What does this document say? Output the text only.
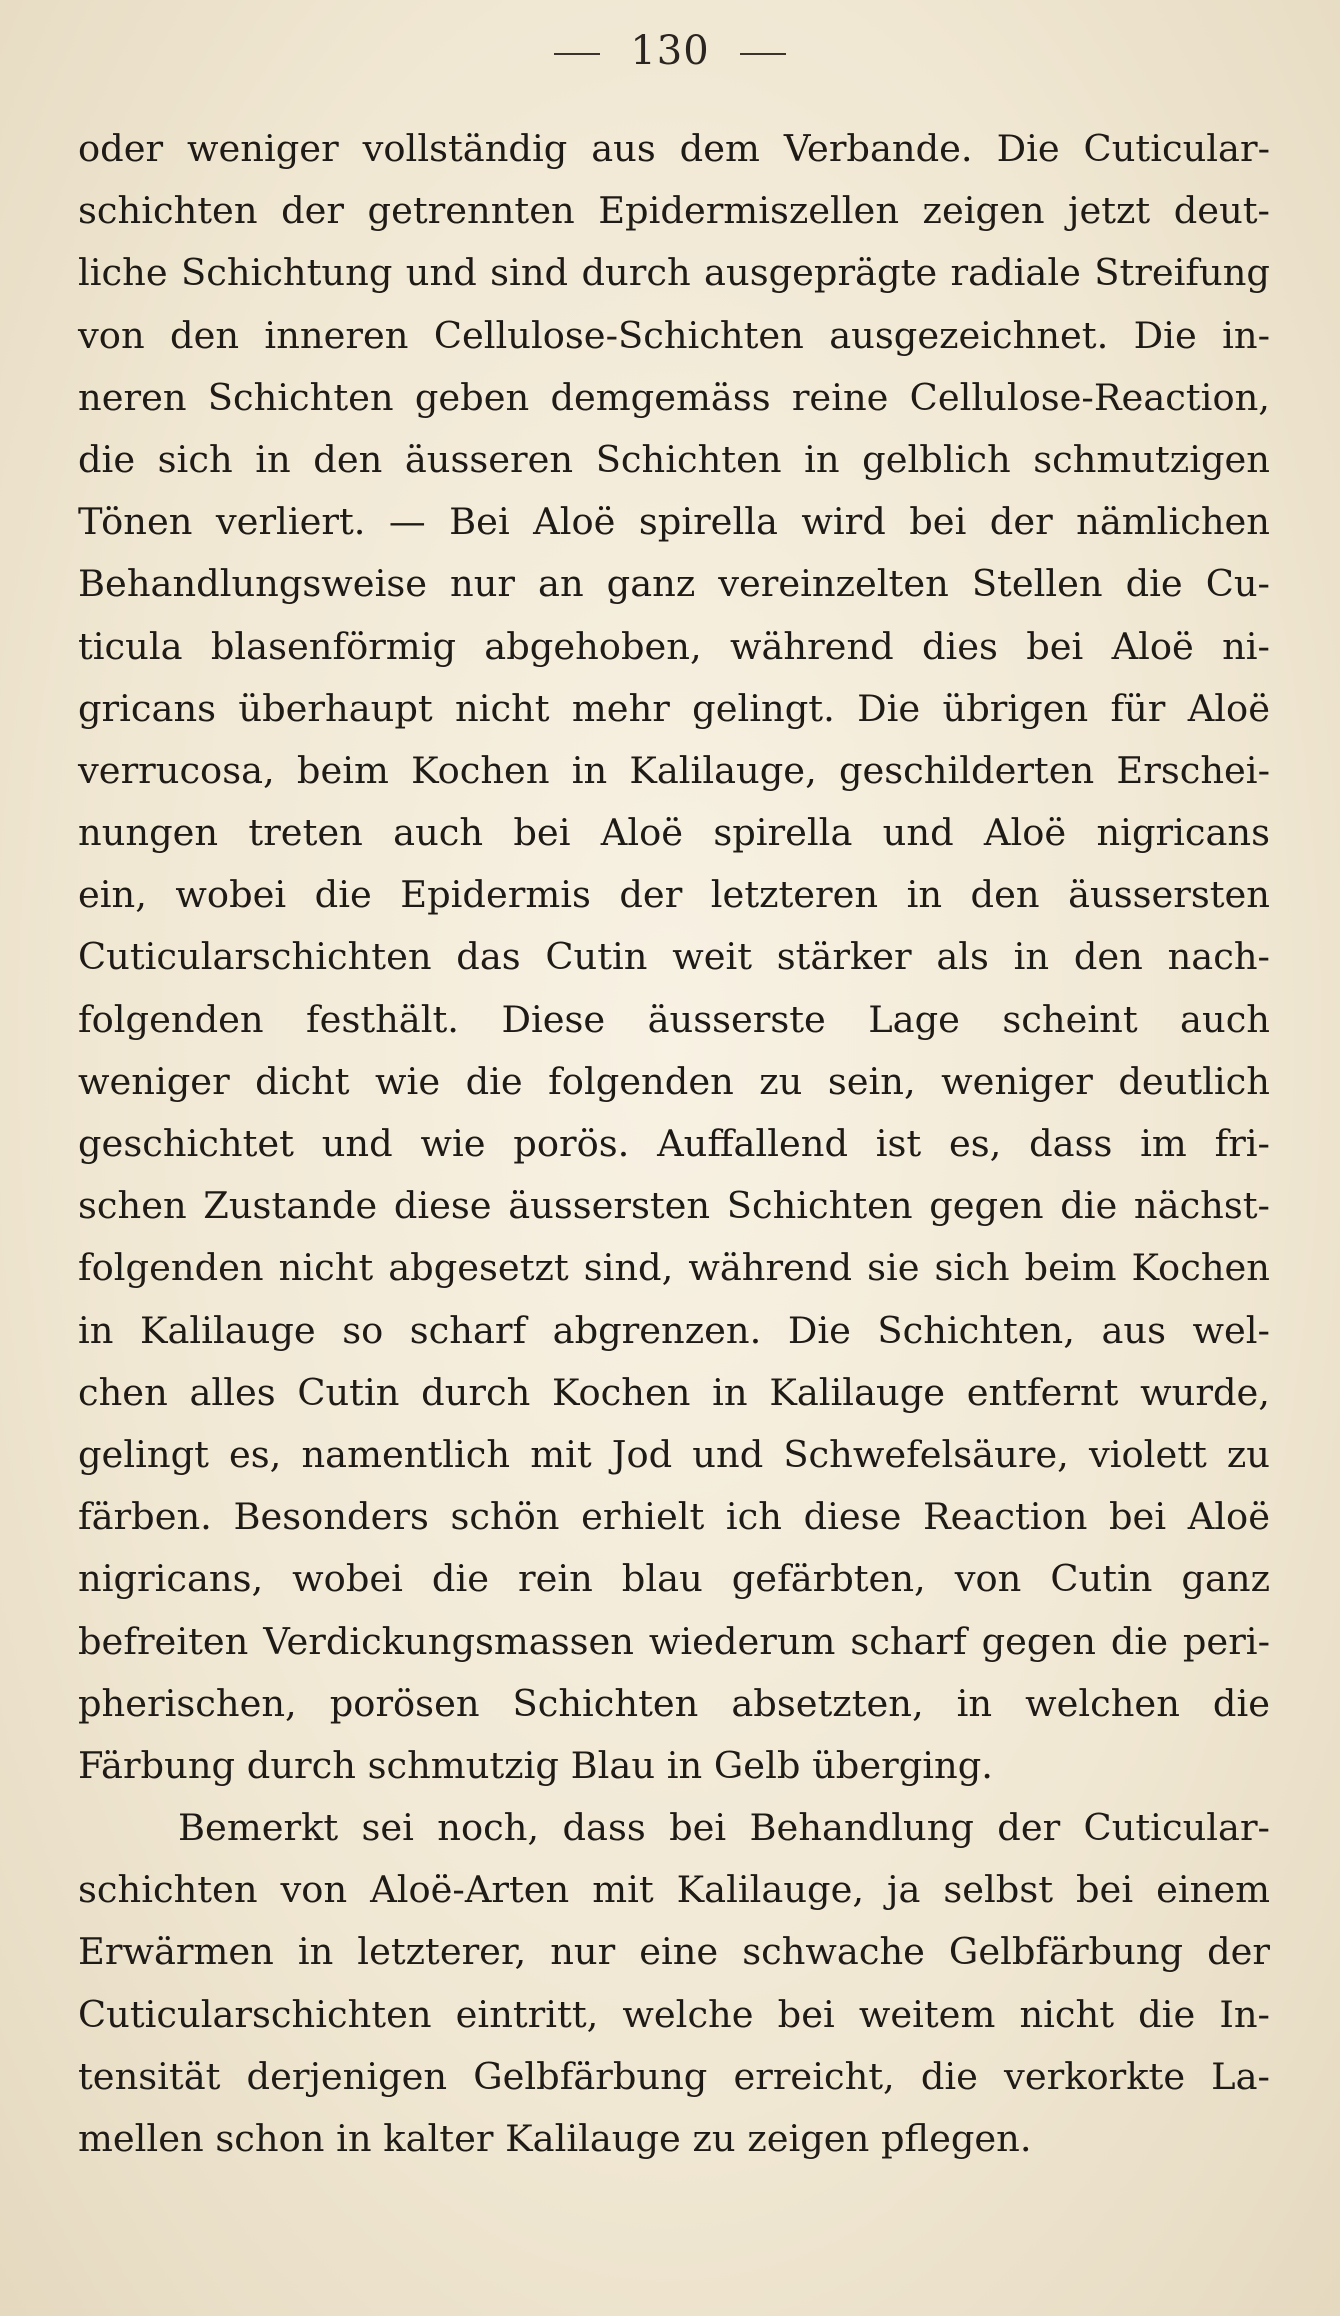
130
oder weniger vollständig aus dem Verbande. Die Cuticular-
schichten der getrennten Epidermiszellen zeigen jetzt deut-
liche Schichtung und sind durch ausgeprägte radiale Streifung
von den inneren Cellulose-Schichten ausgezeichnet. Die in-
neren Schichten geben demgemäss reine Cellulose-Reaction,
die sich in den äusseren Schichten in gelblich schmutzigen
Tönen verliert. — Bei Aloë spirella wird bei der nämlichen
Behandlungsweise nur an ganz vereinzelten Stellen die Cu-
ticula blasenförmig abgehoben, während dies bei Aloë ni-
gricans überhaupt nicht mehr gelingt. Die übrigen für Aloë
verrucosa, beim Kochen in Kalilauge, geschilderten Erschei-
nungen treten auch bei Aloë spirella und Aloë nigricans
ein, wobei die Epidermis der letzteren in den äussersten
Cuticularschichten das Cutin weit stärker als in den nach-
folgenden festhält. Diese äusserste Lage scheint auch
weniger dicht wie die folgenden zu sein, weniger deutlich
geschichtet und wie porös. Auffallend ist es, dass im fri-
schen Zustande diese äussersten Schichten gegen die nächst-
folgenden nicht abgesetzt sind, während sie sich beim Kochen
in Kalilauge so scharf abgrenzen. Die Schichten, aus wel-
chen alles Cutin durch Kochen in Kalilauge entfernt wurde,
gelingt es, namentlich mit Jod und Schwefelsäure, violett zu
färben. Besonders schön erhielt ich diese Reaction bei Aloë
nigricans, wobei die rein blau gefärbten, von Cutin ganz
befreiten Verdickungsmassen wiederum scharf gegen die peri-
pherischen, porösen Schichten absetzten, in welchen die
Färbung durch schmutzig Blau in Gelb überging.
Bemerkt sei noch, dass bei Behandlung der Cuticular-
schichten von Aloë-Arten mit Kalilauge, ja selbst bei einem
Erwärmen in letzterer, nur eine schwache Gelbfärbung der
Cuticularschichten eintritt, welche bei weitem nicht die In-
tensität derjenigen Gelbfärbung erreicht, die verkorkte La-
mellen schon in kalter Kalilauge zu zeigen pflegen.
